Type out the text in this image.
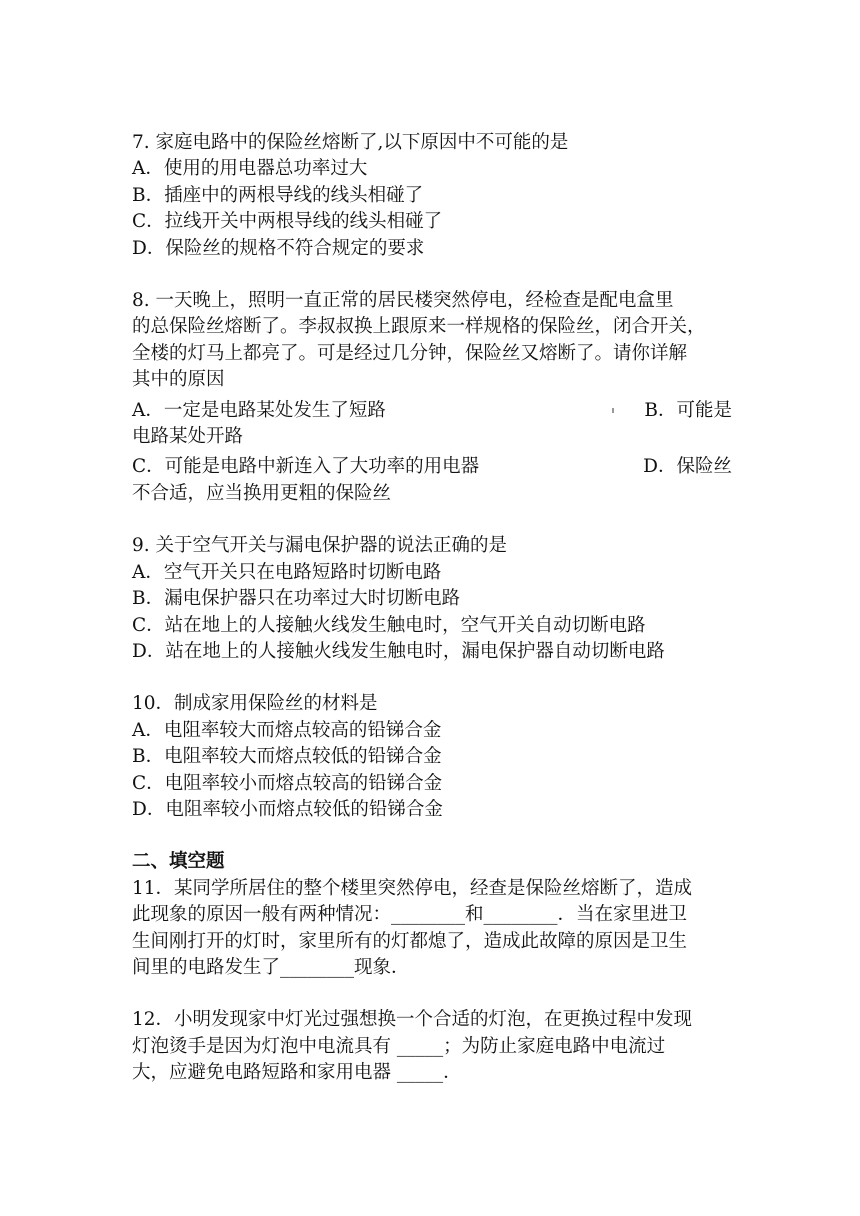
7. 家庭电路中的保险丝熔断了,以下原因中不可能的是
A．使用的用电器总功率过大
B．插座中的两根导线的线头相碰了
C．拉线开关中两根导线的线头相碰了
D．保险丝的规格不符合规定的要求
8. 一天晚上，照明一直正常的居民楼突然停电，经检查是配电盒里
的总保险丝熔断了。李叔叔换上跟原来一样规格的保险丝，闭合开关，
全楼的灯马上都亮了。可是经过几分钟，保险丝又熔断了。请你详解
其中的原因
A．一定是电路某处发生了短路	B．可能是
电路某处开路
C．可能是电路中新连入了大功率的用电器	D．保险丝
不合适，应当换用更粗的保险丝
9. 关于空气开关与漏电保护器的说法正确的是
A．空气开关只在电路短路时切断电路
B．漏电保护器只在功率过大时切断电路
C．站在地上的人接触火线发生触电时，空气开关自动切断电路
D．站在地上的人接触火线发生触电时，漏电保护器自动切断电路
10．制成家用保险丝的材料是
A．电阻率较大而熔点较高的铅锑合金
B．电阻率较大而熔点较低的铅锑合金
C．电阻率较小而熔点较高的铅锑合金
D．电阻率较小而熔点较低的铅锑合金
二、填空题
11．某同学所居住的整个楼里突然停电，经查是保险丝熔断了，造成
此现象的原因一般有两种情况：________和________．当在家里进卫
生间刚打开的灯时，家里所有的灯都熄了，造成此故障的原因是卫生
间里的电路发生了________现象．
12．小明发现家中灯光过强想换一个合适的灯泡，在更换过程中发现
灯泡烫手是因为灯泡中电流具有 _____；为防止家庭电路中电流过
大，应避免电路短路和家用电器 _____．
